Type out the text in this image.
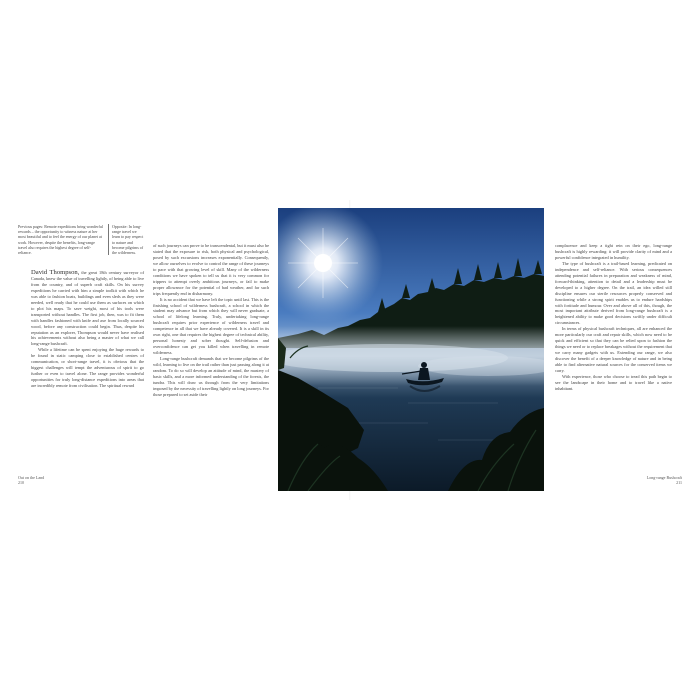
Previous pages: Remote expeditions bring wonderful rewards – the opportunity to witness nature at her most beautiful and to feel the energy of our planet at work. However, despite the benefits, long-range travel also requires the highest degree of self-reliance.
Opposite: In long-range travel we learn to pay respect to nature and become pilgrims of the wilderness.

David Thompson, the great 18th century surveyor of Canada, knew the value of travelling lightly, of being able to live from the country, and of superb craft skills. On his survey expeditions he carried with him a simple toolkit with which he was able to fashion boats, buildings and even sleds as they were needed, well ready that he could use them as surfaces on which to plot his maps. To save weight, most of his tools were transported without handles. The first job, then, was to fit them with handles fashioned with knife and axe from locally sourced wood, before any construction could begin. Thus, despite his reputation as an explorer, Thompson would never have realised his achievements without also being a master of what we call long-range bushcraft.

While a lifetime can be spent enjoying the huge rewards to be found in static camping close to established centres of communication, or short-range travel, it is obvious that the biggest challenges will tempt the adventurous of spirit to go further or even to travel alone. The range provides wonderful opportunities for truly long-distance expeditions into areas that are incredibly remote from civilisation. The spiritual reward

of such journeys can prove to be transcendental, but it must also be stated that the exposure to risk, both physical and psychological, posed by such excursions increases exponentially. Consequently, we allow ourselves to evolve to control the range of these journeys to pace with that growing level of skill. Many of the wilderness conditions we have spoken to tell us that it is very common for trippers to attempt overly ambitious journeys, or fail to make proper allowance for the potential of bad weather, and far such trips frequently end in disharmony.

It is no accident that we have left the topic until last. This is the finishing school of wilderness bushcraft, a school in which the student may advance but from which they will never graduate, a school of lifelong learning. Truly, undertaking long-range bushcraft requires prior experience of wilderness travel and competence in all that we have already covered. It is a skill in its own right, one that requires the highest degree of technical ability, personal honesty and sober thought. Self-delusion and overconfidence can get you killed when travelling in remote wilderness.

Long-range bushcraft demands that we become pilgrims of the wild, learning to live on the trail rather than just passing along it at random. To do so will develop an attitude of mind, the mastery of basic skills, and a more informed understanding of the forests, the tundra. This will draw us through from the very limitations imposed by the necessity of travelling lightly on long journeys. For those prepared to set aside their

Out on the Land
210

complacence and keep a tight rein on their ego, long-range bushcraft is highly rewarding: it will provide clarity of mind and a powerful confidence integrated in humility.

The type of bushcraft is a trail-based learning, predicated on independence and self-reliance. With serious consequences attending potential failures in preparation and weakness of mind, forward-thinking, attention to detail and a leadership must be developed to a higher degree. On the trail, an idea willed still discipline ensures our sterile resources properly conserved and functioning while a strong spirit enables us to endure hardships with fortitude and humour. Over and above all of this, though, the most important attribute derived from long-range bushcraft is a heightened ability to make good decisions swiftly under difficult circumstances.

In terms of physical bushcraft techniques, all are enhanced the more particularly our craft and repair skills, which now need to be quick and efficient so that they can be relied upon to fashion the things we need or to replace breakages without the requirement that we carry many gadgets with us. Extending our range, we also discover the benefit of a deeper knowledge of nature and in being able to find alternative natural sources for the conserved items we carry.

With experience, those who choose to tread this path begin to see the landscape in their home and to travel like a native inhabitant.

Long-range Bushcraft
211
